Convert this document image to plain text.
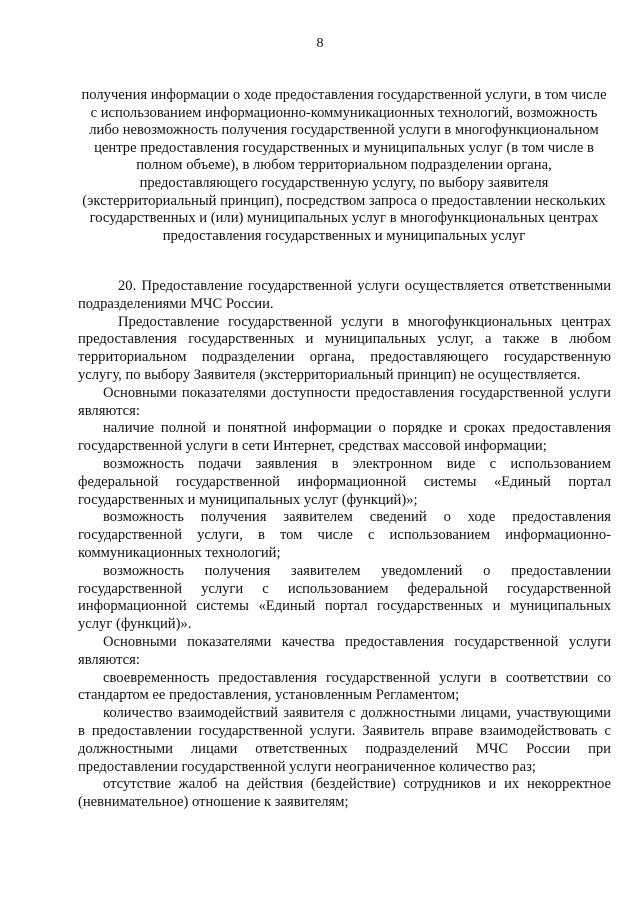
8
получения информации о ходе предоставления государственной услуги, в том числе с использованием информационно-коммуникационных технологий, возможность либо невозможность получения государственной услуги в многофункциональном центре предоставления государственных и муниципальных услуг (в том числе в полном объеме), в любом территориальном подразделении органа, предоставляющего государственную услугу, по выбору заявителя (экстерриториальный принцип), посредством запроса о предоставлении нескольких государственных и (или) муниципальных услуг в многофункциональных центрах предоставления государственных и муниципальных услуг

20. Предоставление государственной услуги осуществляется ответственными подразделениями МЧС России.

Предоставление государственной услуги в многофункциональных центрах предоставления государственных и муниципальных услуг, а также в любом территориальном подразделении органа, предоставляющего государственную услугу, по выбору Заявителя (экстерриториальный принцип) не осуществляется.

Основными показателями доступности предоставления государственной услуги являются:

наличие полной и понятной информации о порядке и сроках предоставления государственной услуги в сети Интернет, средствах массовой информации;

возможность подачи заявления в электронном виде с использованием федеральной государственной информационной системы «Единый портал государственных и муниципальных услуг (функций)»;

возможность получения заявителем сведений о ходе предоставления государственной услуги, в том числе с использованием информационно-коммуникационных технологий;

возможность получения заявителем уведомлений о предоставлении государственной услуги с использованием федеральной государственной информационной системы «Единый портал государственных и муниципальных услуг (функций)».

Основными показателями качества предоставления государственной услуги являются:

своевременность предоставления государственной услуги в соответствии со стандартом ее предоставления, установленным Регламентом;

количество взаимодействий заявителя с должностными лицами, участвующими в предоставлении государственной услуги. Заявитель вправе взаимодействовать с должностными лицами ответственных подразделений МЧС России при предоставлении государственной услуги неограниченное количество раз;

отсутствие жалоб на действия (бездействие) сотрудников и их некорректное (невнимательное) отношение к заявителям;
